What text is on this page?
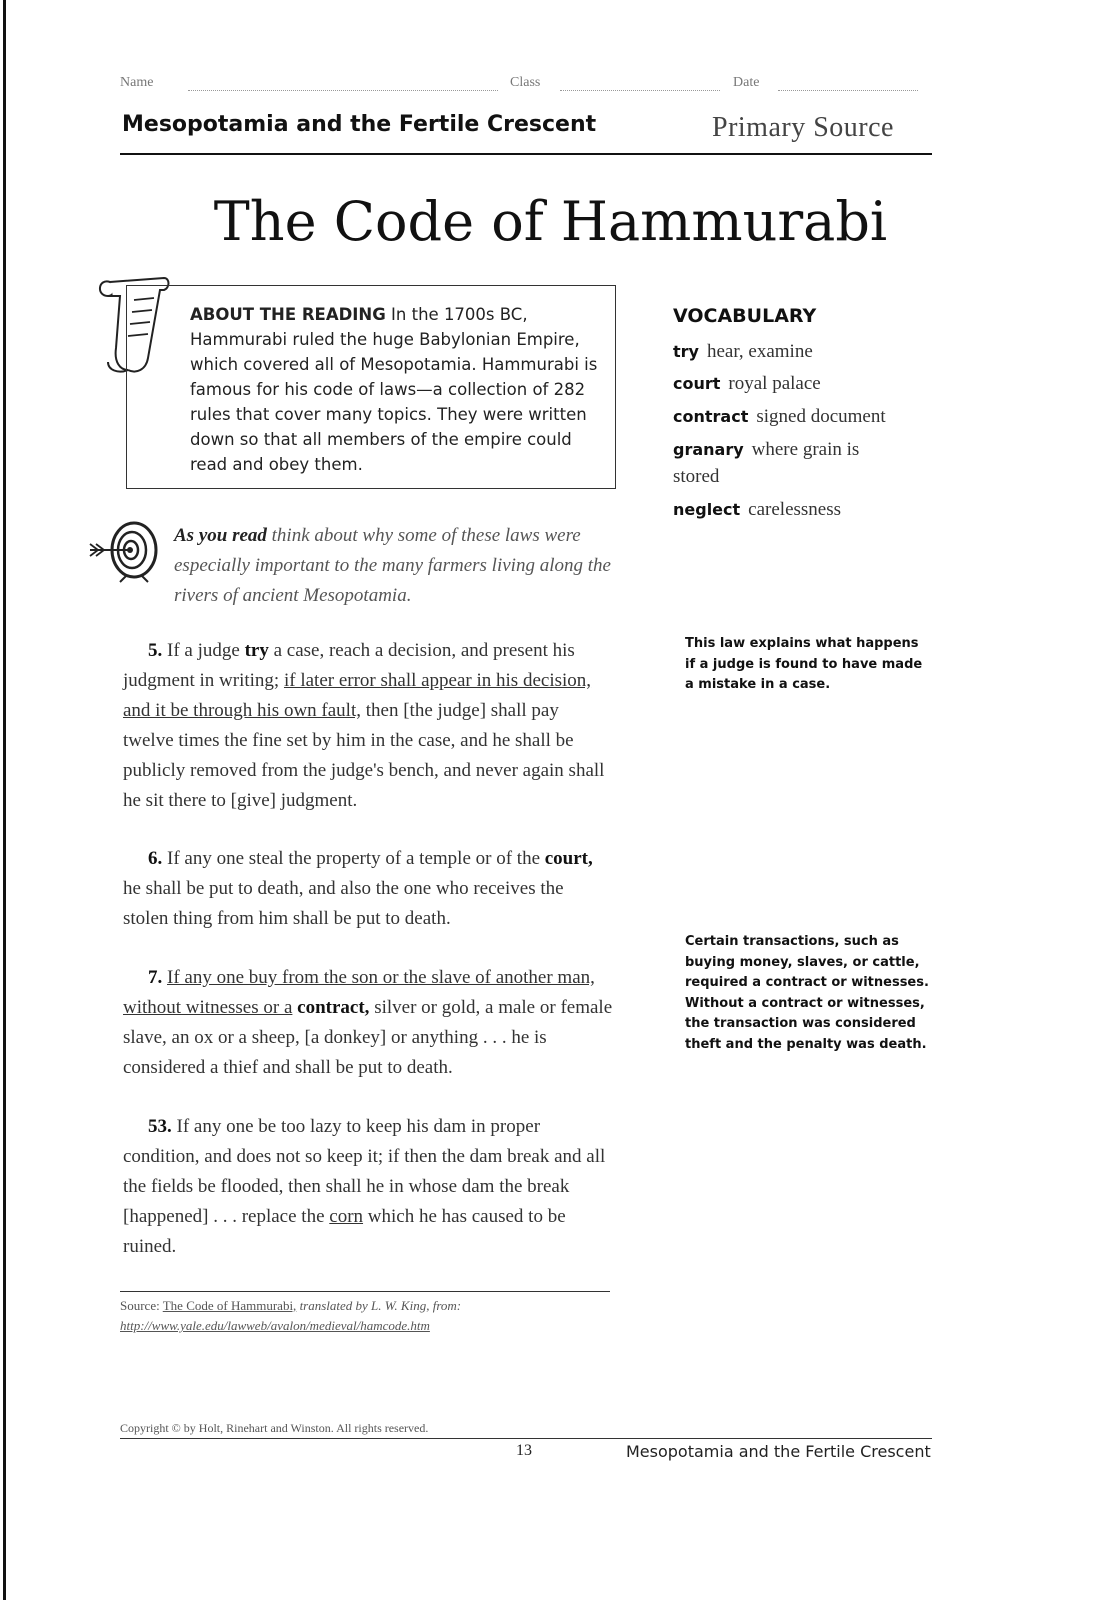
Name	Class	Date
Mesopotamia and the Fertile Crescent	Primary Source
The Code of Hammurabi
ABOUT THE READING In the 1700s BC, Hammurabi ruled the huge Babylonian Empire, which covered all of Mesopotamia. Hammurabi is famous for his code of laws—a collection of 282 rules that cover many topics. They were written down so that all members of the empire could read and obey them.
VOCABULARY
try hear, examine
court royal palace
contract signed document
granary where grain is stored
neglect carelessness
As you read think about why some of these laws were especially important to the many farmers living along the rivers of ancient Mesopotamia.
5. If a judge try a case, reach a decision, and present his judgment in writing; if later error shall appear in his decision, and it be through his own fault, then [the judge] shall pay twelve times the fine set by him in the case, and he shall be publicly removed from the judge's bench, and never again shall he sit there to [give] judgment.
6. If any one steal the property of a temple or of the court, he shall be put to death, and also the one who receives the stolen thing from him shall be put to death.
7. If any one buy from the son or the slave of another man, without witnesses or a contract, silver or gold, a male or female slave, an ox or a sheep, [a donkey] or anything . . . he is considered a thief and shall be put to death.
53. If any one be too lazy to keep his dam in proper condition, and does not so keep it; if then the dam break and all the fields be flooded, then shall he in whose dam the break [happened] . . . replace the corn which he has caused to be ruined.
This law explains what happens if a judge is found to have made a mistake in a case.
Certain transactions, such as buying money, slaves, or cattle, required a contract or witnesses. Without a contract or witnesses, the transaction was considered theft and the penalty was death.
Source: The Code of Hammurabi, translated by L. W. King, from:
http://www.yale.edu/lawweb/avalon/medieval/hamcode.htm
Copyright © by Holt, Rinehart and Winston. All rights reserved.
13	Mesopotamia and the Fertile Crescent
